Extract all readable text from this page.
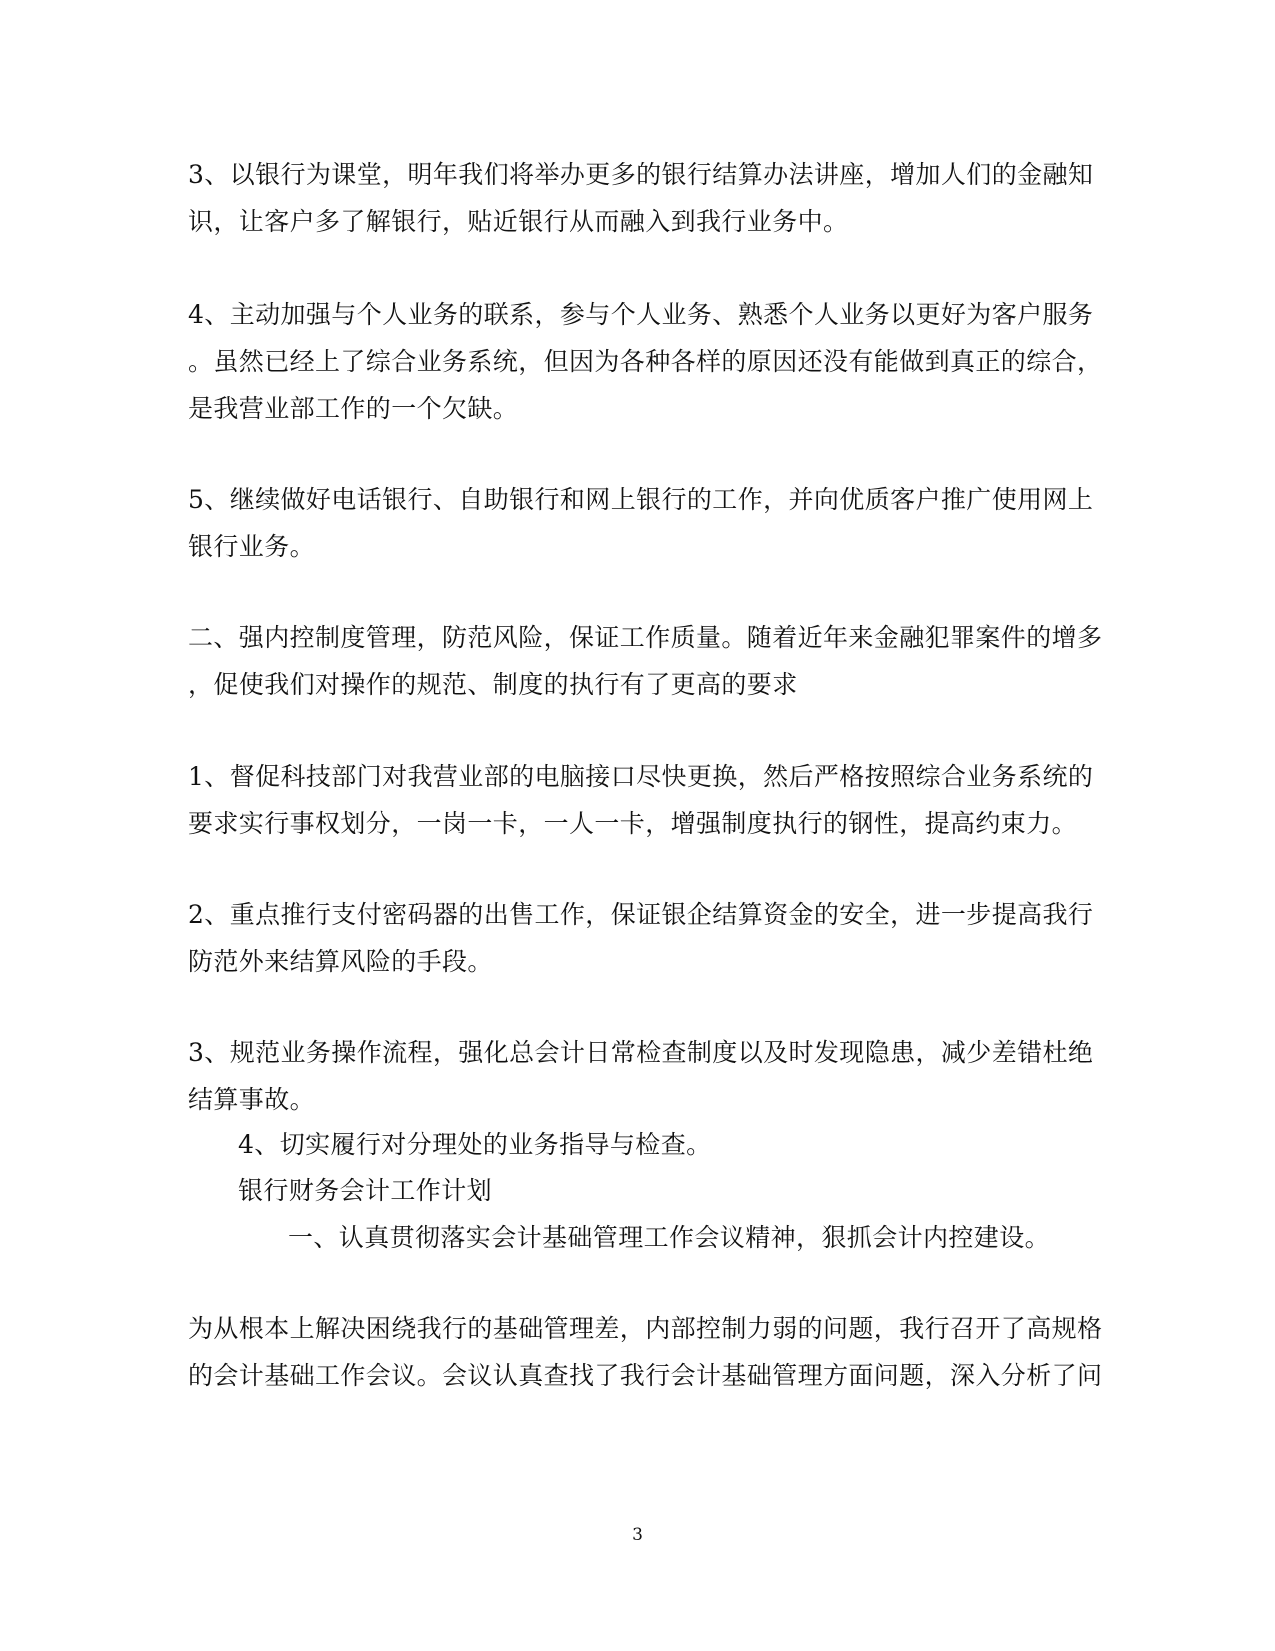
3、以银行为课堂，明年我们将举办更多的银行结算办法讲座，增加人们的金融知
识，让客户多了解银行，贴近银行从而融入到我行业务中。
4、主动加强与个人业务的联系，参与个人业务、熟悉个人业务以更好为客户服务
。虽然已经上了综合业务系统，但因为各种各样的原因还没有能做到真正的综合，
是我营业部工作的一个欠缺。
5、继续做好电话银行、自助银行和网上银行的工作，并向优质客户推广使用网上
银行业务。
二、强内控制度管理，防范风险，保证工作质量。随着近年来金融犯罪案件的增多
，促使我们对操作的规范、制度的执行有了更高的要求
1、督促科技部门对我营业部的电脑接口尽快更换，然后严格按照综合业务系统的
要求实行事权划分，一岗一卡，一人一卡，增强制度执行的钢性，提高约束力。
2、重点推行支付密码器的出售工作，保证银企结算资金的安全，进一步提高我行
防范外来结算风险的手段。
3、规范业务操作流程，强化总会计日常检查制度以及时发现隐患，减少差错杜绝
结算事故。
4、切实履行对分理处的业务指导与检查。
银行财务会计工作计划
一、认真贯彻落实会计基础管理工作会议精神，狠抓会计内控建设。
为从根本上解决困绕我行的基础管理差，内部控制力弱的问题，我行召开了高规格
的会计基础工作会议。会议认真查找了我行会计基础管理方面问题，深入分析了问
3
